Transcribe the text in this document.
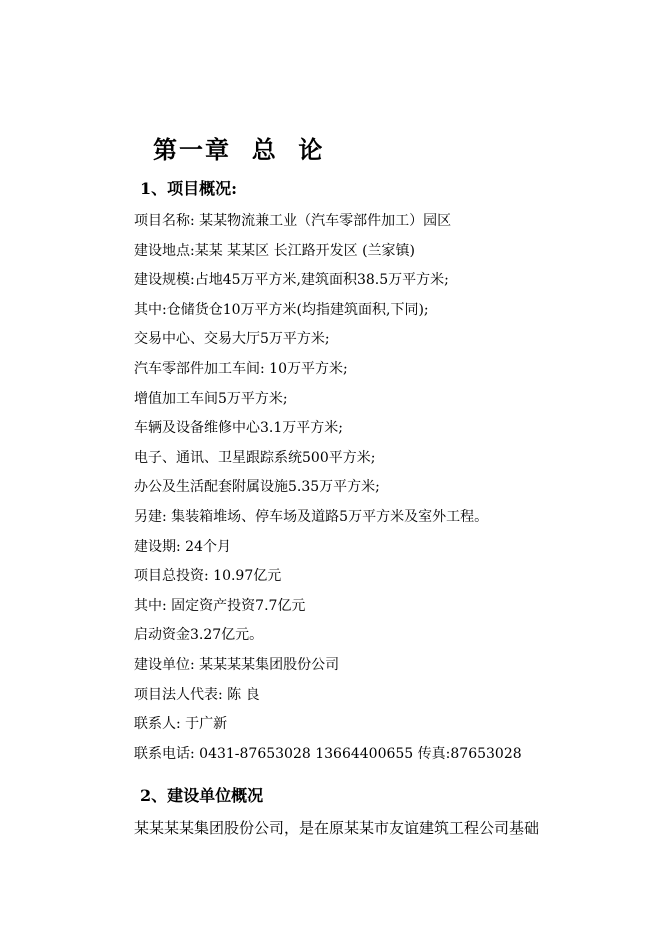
第一章  总  论
1、项目概况:
项目名称: 某某物流兼工业（汽车零部件加工）园区
建设地点:某某 某某区 长江路开发区 (兰家镇)
建设规模:占地45万平方米,建筑面积38.5万平方米;
其中:仓储货仓10万平方米(均指建筑面积,下同);
交易中心、交易大厅5万平方米;
汽车零部件加工车间: 10万平方米;
增值加工车间5万平方米;
车辆及设备维修中心3.1万平方米;
电子、通讯、卫星跟踪系统500平方米;
办公及生活配套附属设施5.35万平方米;
另建: 集装箱堆场、停车场及道路5万平方米及室外工程。
建设期: 24个月
项目总投资: 10.97亿元
其中: 固定资产投资7.7亿元
启动资金3.27亿元。
建设单位: 某某某某集团股份公司
项目法人代表: 陈 良
联系人: 于广新
联系电话: 0431-87653028 13664400655 传真:87653028
2、建设单位概况
某某某某集团股份公司，是在原某某市友谊建筑工程公司基础
